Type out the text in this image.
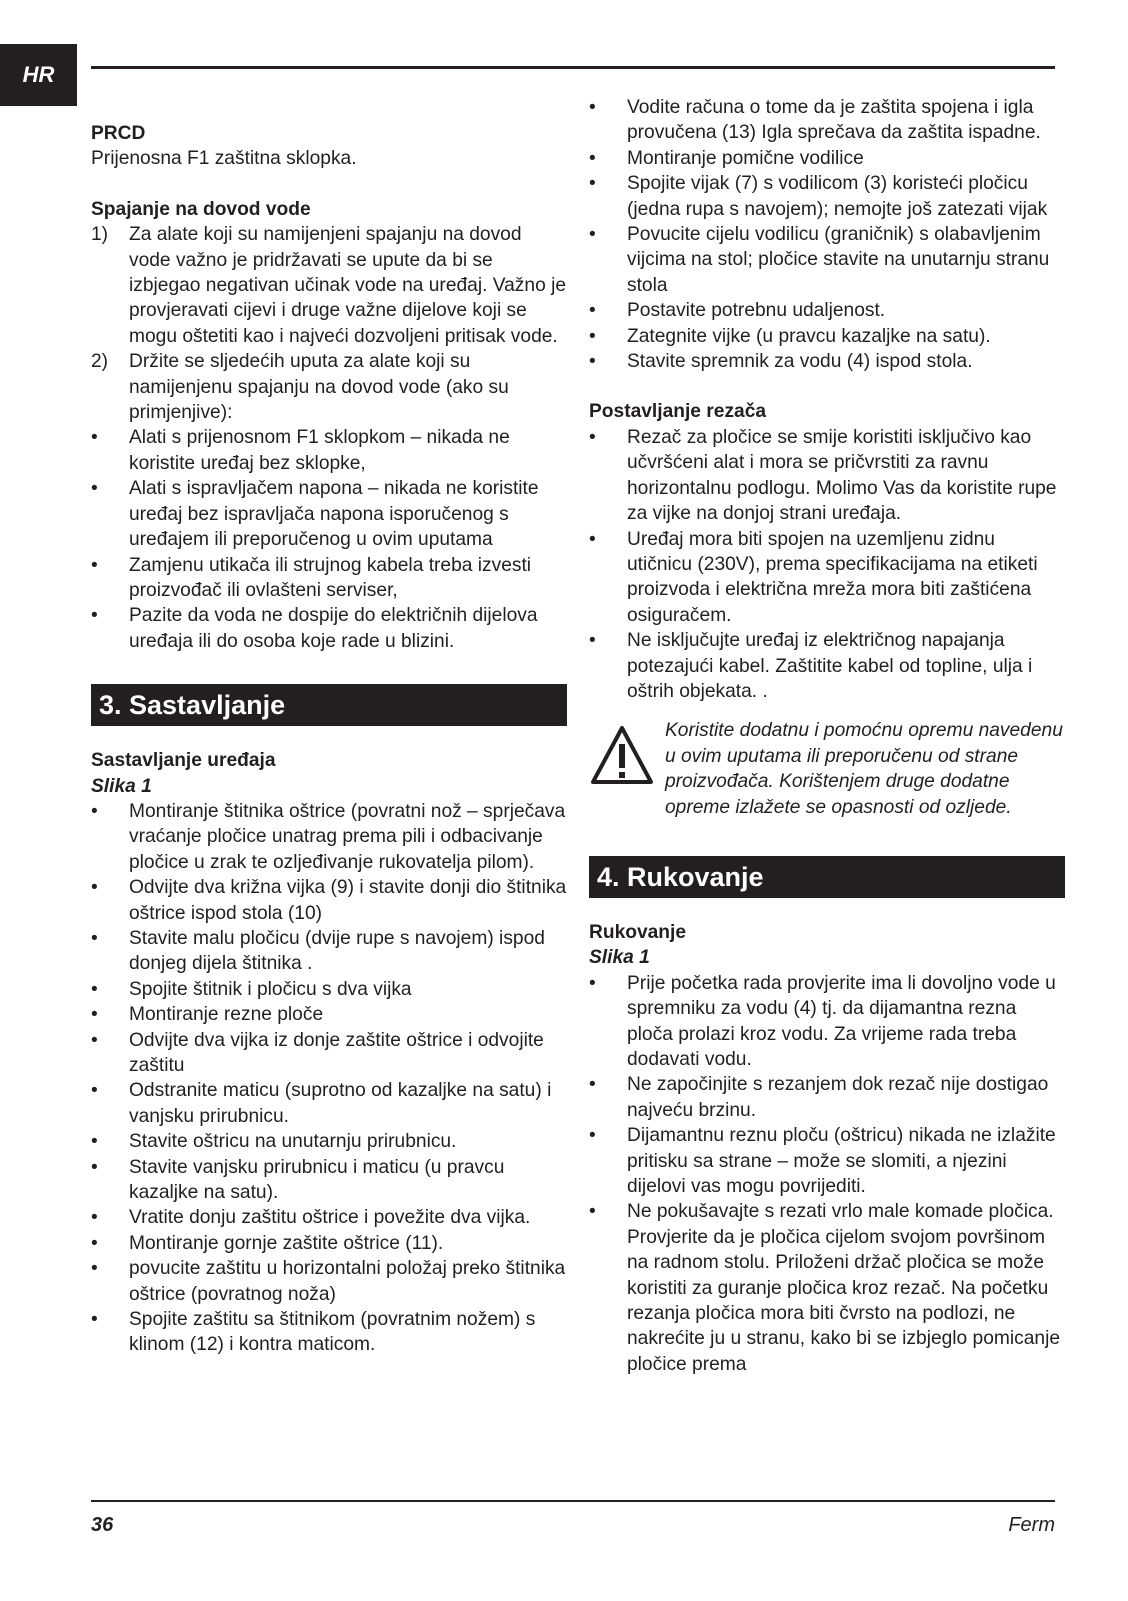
HR

PRCD

Prijenosna F1 zaštitna sklopka.

Spajanje na dovod vode

1) Za alate koji su namijenjeni spajanju na dovod vode važno je pridržavati se upute da bi se izbjegao negativan učinak vode na uređaj. Važno je provjeravati cijevi i druge važne dijelove koji se mogu oštetiti kao i najveći dozvoljeni pritisak vode.
2) Držite se sljedećih uputa za alate koji su namijenjenu spajanju na dovod vode (ako su primjenjive):
• Alati s prijenosnom F1 sklopkom – nikada ne koristite uređaj bez sklopke,
• Alati s ispravljačem napona – nikada ne koristite uređaj bez ispravljača napona isporučenog s uređajem ili preporučenog u ovim uputama
• Zamjenu utikača ili strujnog kabela treba izvesti proizvođač ili ovlašteni serviser,
• Pazite da voda ne dospije do električnih dijelova uređaja ili do osoba koje rade u blizini.
3. Sastavljanje

Sastavljanje uređaja

Slika 1

• Montiranje štitnika oštrice (povratni nož – sprječava vraćanje pločice unatrag prema pili i odbacivanje pločice u zrak te ozljeđivanje rukovatelja pilom).
• Odvijte dva križna vijka (9) i stavite donji dio štitnika oštrice ispod stola (10)
• Stavite malu pločicu (dvije rupe s navojem) ispod donjeg dijela štitnika .
• Spojite štitnik i pločicu s dva vijka
• Montiranje rezne ploče
• Odvijte dva vijka iz donje zaštite oštrice i odvojite zaštitu
• Odstranite maticu (suprotno od kazaljke na satu) i vanjsku prirubnicu.
• Stavite oštricu na unutarnju prirubnicu.
• Stavite vanjsku prirubnicu i maticu (u pravcu kazaljke na satu).
• Vratite donju zaštitu oštrice i povežite dva vijka.
• Montiranje gornje zaštite oštrice (11).
• povucite zaštitu u horizontalni položaj preko štitnika oštrice (povratnog noža)
• Spojite zaštitu sa štitnikom (povratnim nožem) s klinom (12) i kontra maticom.
• Vodite računa o tome da je zaštita spojena i igla provučena (13) Igla sprečava da zaštita ispadne.
• Montiranje pomične vodilice
• Spojite vijak (7) s vodilicom (3) koristeći pločicu (jedna rupa s navojem); nemojte još zatezati vijak
• Povucite cijelu vodilicu (graničnik) s olabavljenim vijcima na stol; pločice stavite na unutarnju stranu stola
• Postavite potrebnu udaljenost.
• Zategnite vijke (u pravcu kazaljke na satu).
• Stavite spremnik za vodu (4) ispod stola.

Postavljanje rezača

• Rezač za pločice se smije koristiti isključivo kao učvršćeni alat i mora se pričvrstiti za ravnu horizontalnu podlogu. Molimo Vas da koristite rupe za vijke na donjoj strani uređaja.
• Uređaj mora biti spojen na uzemljenu zidnu utičnicu (230V), prema specifikacijama na etiketi proizvoda i električna mreža mora biti zaštićena osiguračem.
• Ne isključujte uređaj iz električnog napajanja potezajući kabel. Zaštitite kabel od topline, ulja i oštrih objekata. .
Koristite dodatnu i pomoćnu opremu navedenu u ovim uputama ili preporučenu od strane proizvođača. Korištenjem druge dodatne opreme izlažete se opasnosti od ozljede.
4. Rukovanje

Rukovanje

Slika 1

• Prije početka rada provjerite ima li dovoljno vode u spremniku za vodu (4) tj. da dijamantna rezna ploča prolazi kroz vodu. Za vrijeme rada treba dodavati vodu.
• Ne započinjite s rezanjem dok rezač nije dostigao najveću brzinu.
• Dijamantnu reznu ploču (oštricu) nikada ne izlažite pritisku sa strane – može se slomiti, a njezini dijelovi vas mogu povrijediti.
• Ne pokušavajte s rezati vrlo male komade pločica. Provjerite da je pločica cijelom svojom površinom na radnom stolu. Priloženi držač pločica se može koristiti za guranje pločica kroz rezač. Na početku rezanja pločica mora biti čvrsto na podlozi, ne nakrećite ju u stranu, kako bi se izbjeglo pomicanje pločice prema
36	Ferm
